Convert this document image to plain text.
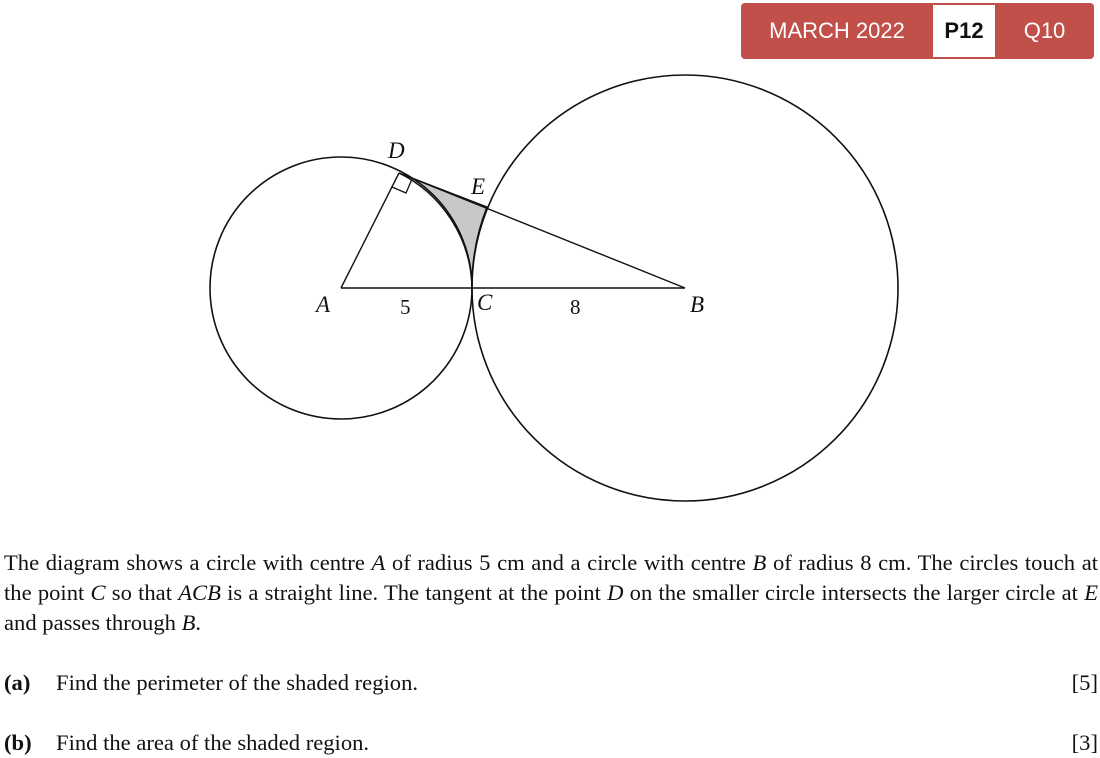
MARCH 2022	P12	Q10
A	B
C
D
E
5	8
The diagram shows a circle with centre A of radius 5 cm and a circle with centre B of radius 8 cm. The circles touch at the point C so that ACB is a straight line. The tangent at the point D on the smaller circle intersects the larger circle at E and passes through B.
(a) Find the perimeter of the shaded region.	[5]
(b) Find the area of the shaded region.	[3]
